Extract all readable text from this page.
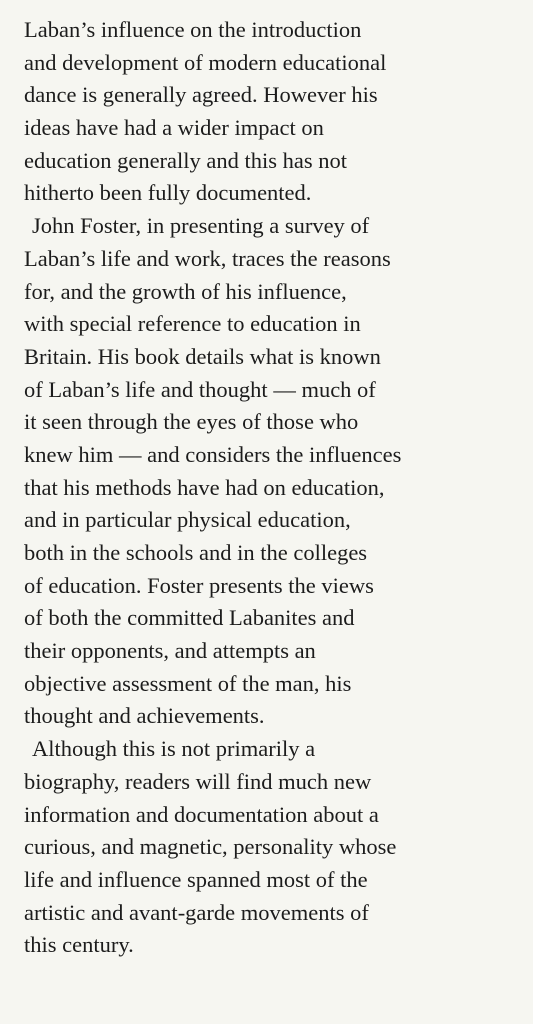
Laban’s influence on the introduction
and development of modern educational
dance is generally agreed. However his
ideas have had a wider impact on
education generally and this has not
hitherto been fully documented.

John Foster, in presenting a survey of
Laban’s life and work, traces the reasons
for, and the growth of his influence,
with special reference to education in
Britain. His book details what is known
of Laban’s life and thought — much of
it seen through the eyes of those who
knew him — and considers the influences
that his methods have had on education,
and in particular physical education,
both in the schools and in the colleges
of education. Foster presents the views
of both the committed Labanites and
their opponents, and attempts an
objective assessment of the man, his
thought and achievements.

Although this is not primarily a
biography, readers will find much new
information and documentation about a
curious, and magnetic, personality whose
life and influence spanned most of the
artistic and avant-garde movements of
this century.
